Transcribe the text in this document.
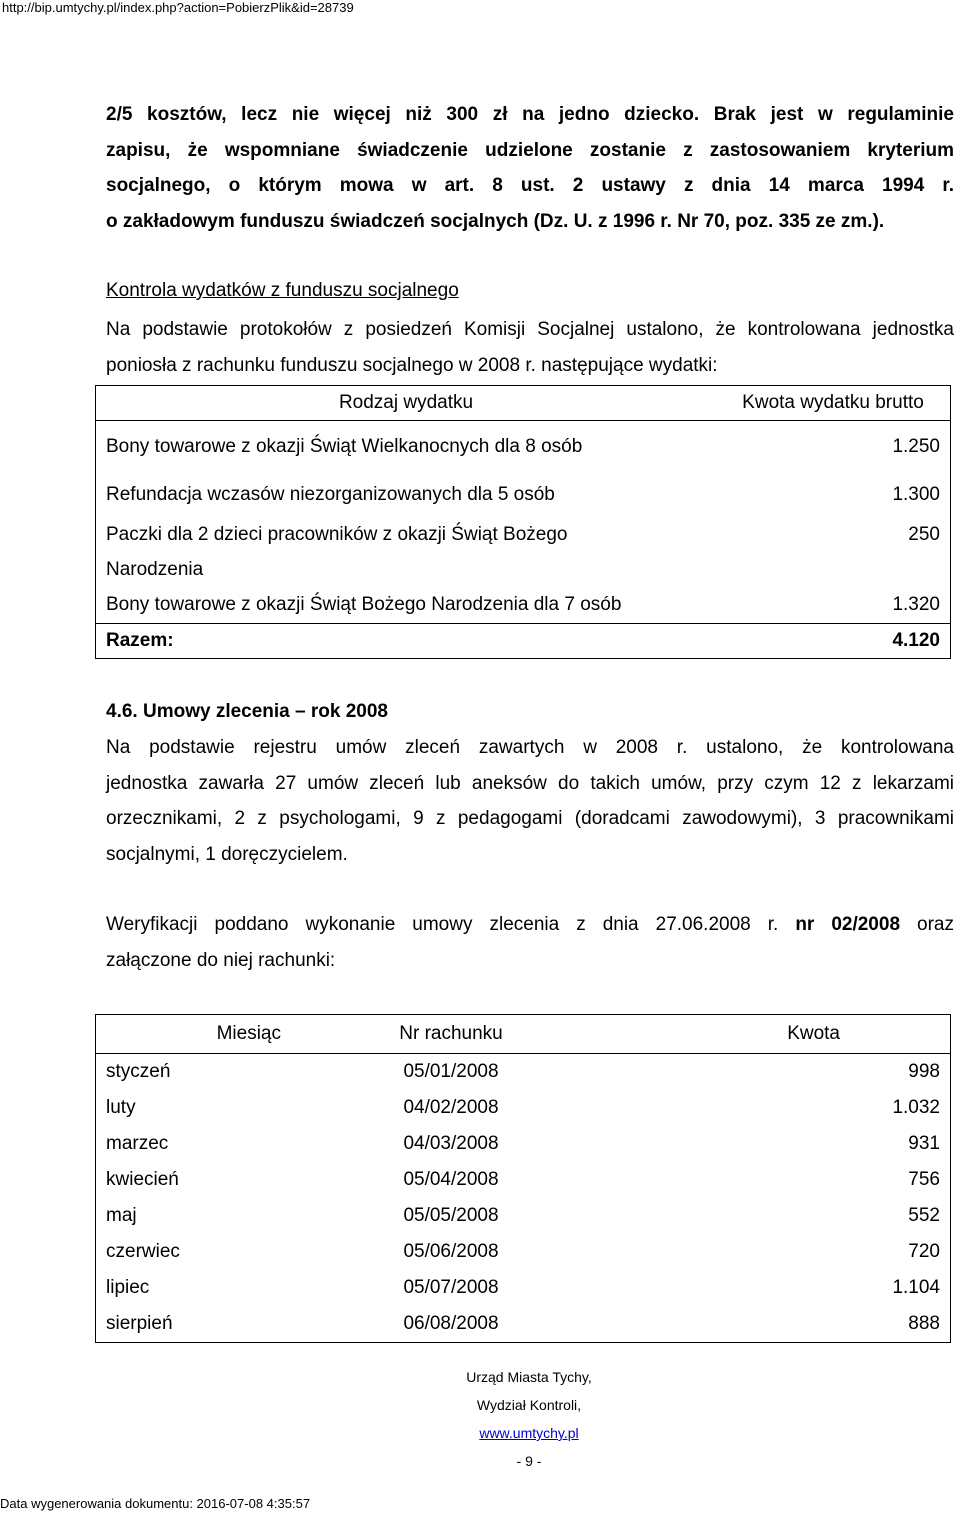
http://bip.umtychy.pl/index.php?action=PobierzPlik&id=28739
2/5 kosztów, lecz nie więcej niż 300 zł na jedno dziecko. Brak jest w regulaminie
zapisu, że wspomniane świadczenie udzielone zostanie z zastosowaniem kryterium
socjalnego, o którym mowa w art. 8 ust. 2 ustawy z dnia 14 marca 1994 r.
o zakładowym funduszu świadczeń socjalnych (Dz. U. z 1996 r. Nr 70, poz. 335 ze zm.).
Kontrola wydatków z funduszu socjalnego
Na podstawie protokołów z posiedzeń Komisji Socjalnej ustalono, że kontrolowana jednostka
poniosła z rachunku funduszu socjalnego w 2008 r. następujące wydatki:
Rodzaj wydatku	Kwota wydatku brutto
Bony towarowe z okazji Świąt Wielkanocnych dla 8 osób	1.250
Refundacja wczasów niezorganizowanych dla 5 osób	1.300
Paczki dla 2 dzieci pracowników z okazji Świąt Bożego
Narodzenia	250
Bony towarowe z okazji Świąt Bożego Narodzenia dla 7 osób	1.320
Razem:	4.120
4.6. Umowy zlecenia – rok 2008
Na podstawie rejestru umów zleceń zawartych w 2008 r. ustalono, że kontrolowana
jednostka zawarła 27 umów zleceń lub aneksów do takich umów, przy czym 12 z lekarzami
orzecznikami, 2 z psychologami, 9 z pedagogami (doradcami zawodowymi), 3 pracownikami
socjalnymi, 1 doręczycielem.
Weryfikacji poddano wykonanie umowy zlecenia z dnia 27.06.2008 r. nr 02/2008 oraz
załączone do niej rachunki:
Miesiąc	Nr rachunku	Kwota
styczeń	05/01/2008	998
luty	04/02/2008	1.032
marzec	04/03/2008	931
kwiecień	05/04/2008	756
maj	05/05/2008	552
czerwiec	05/06/2008	720
lipiec	05/07/2008	1.104
sierpień	06/08/2008	888
Urząd Miasta Tychy,
Wydział Kontroli,
www.umtychy.pl
- 9 -
Data wygenerowania dokumentu: 2016-07-08 4:35:57
